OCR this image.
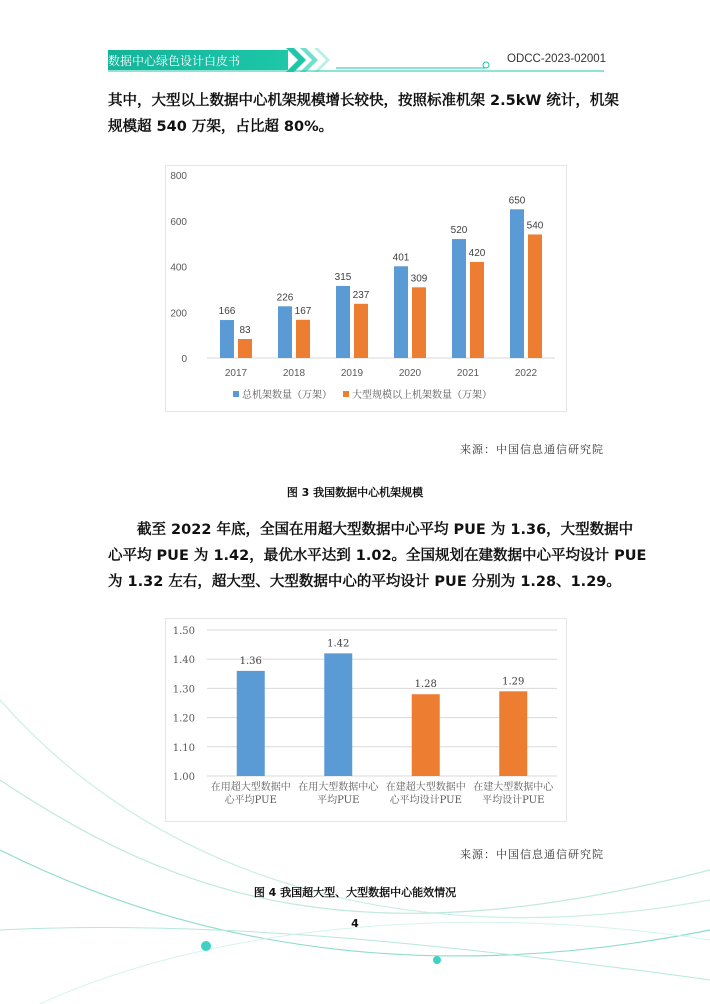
数据中心绿色设计白皮书	ODCC-2023-02001
其中，大型以上数据中心机架规模增长较快，按照标准机架 2.5kW 统计，机架
规模超 540 万架，占比超 80%。
0
200
400
600
800
2017
166
83
2018
226
167
2019
315
237
2020
401
309
2021
520
420
2022
650
540
总机架数量（万架） 大型规模以上机架数量（万架）
来源：中国信息通信研究院
图 3 我国数据中心机架规模
截至 2022 年底，全国在用超大型数据中心平均 PUE 为 1.36，大型数据中
心平均 PUE 为 1.42，最优水平达到 1.02。全国规划在建数据中心平均设计 PUE
为 1.32 左右，超大型、大型数据中心的平均设计 PUE 分别为 1.28、1.29。
1.00
1.10
1.20
1.30
1.40
1.50
1.36
在用超大型数据中
心平均PUE
1.42
在用大型数据中心
平均PUE
1.28
在建超大型数据中
心平均设计PUE
1.29
在建大型数据中心
平均设计PUE
来源：中国信息通信研究院
图 4 我国超大型、大型数据中心能效情况
4
